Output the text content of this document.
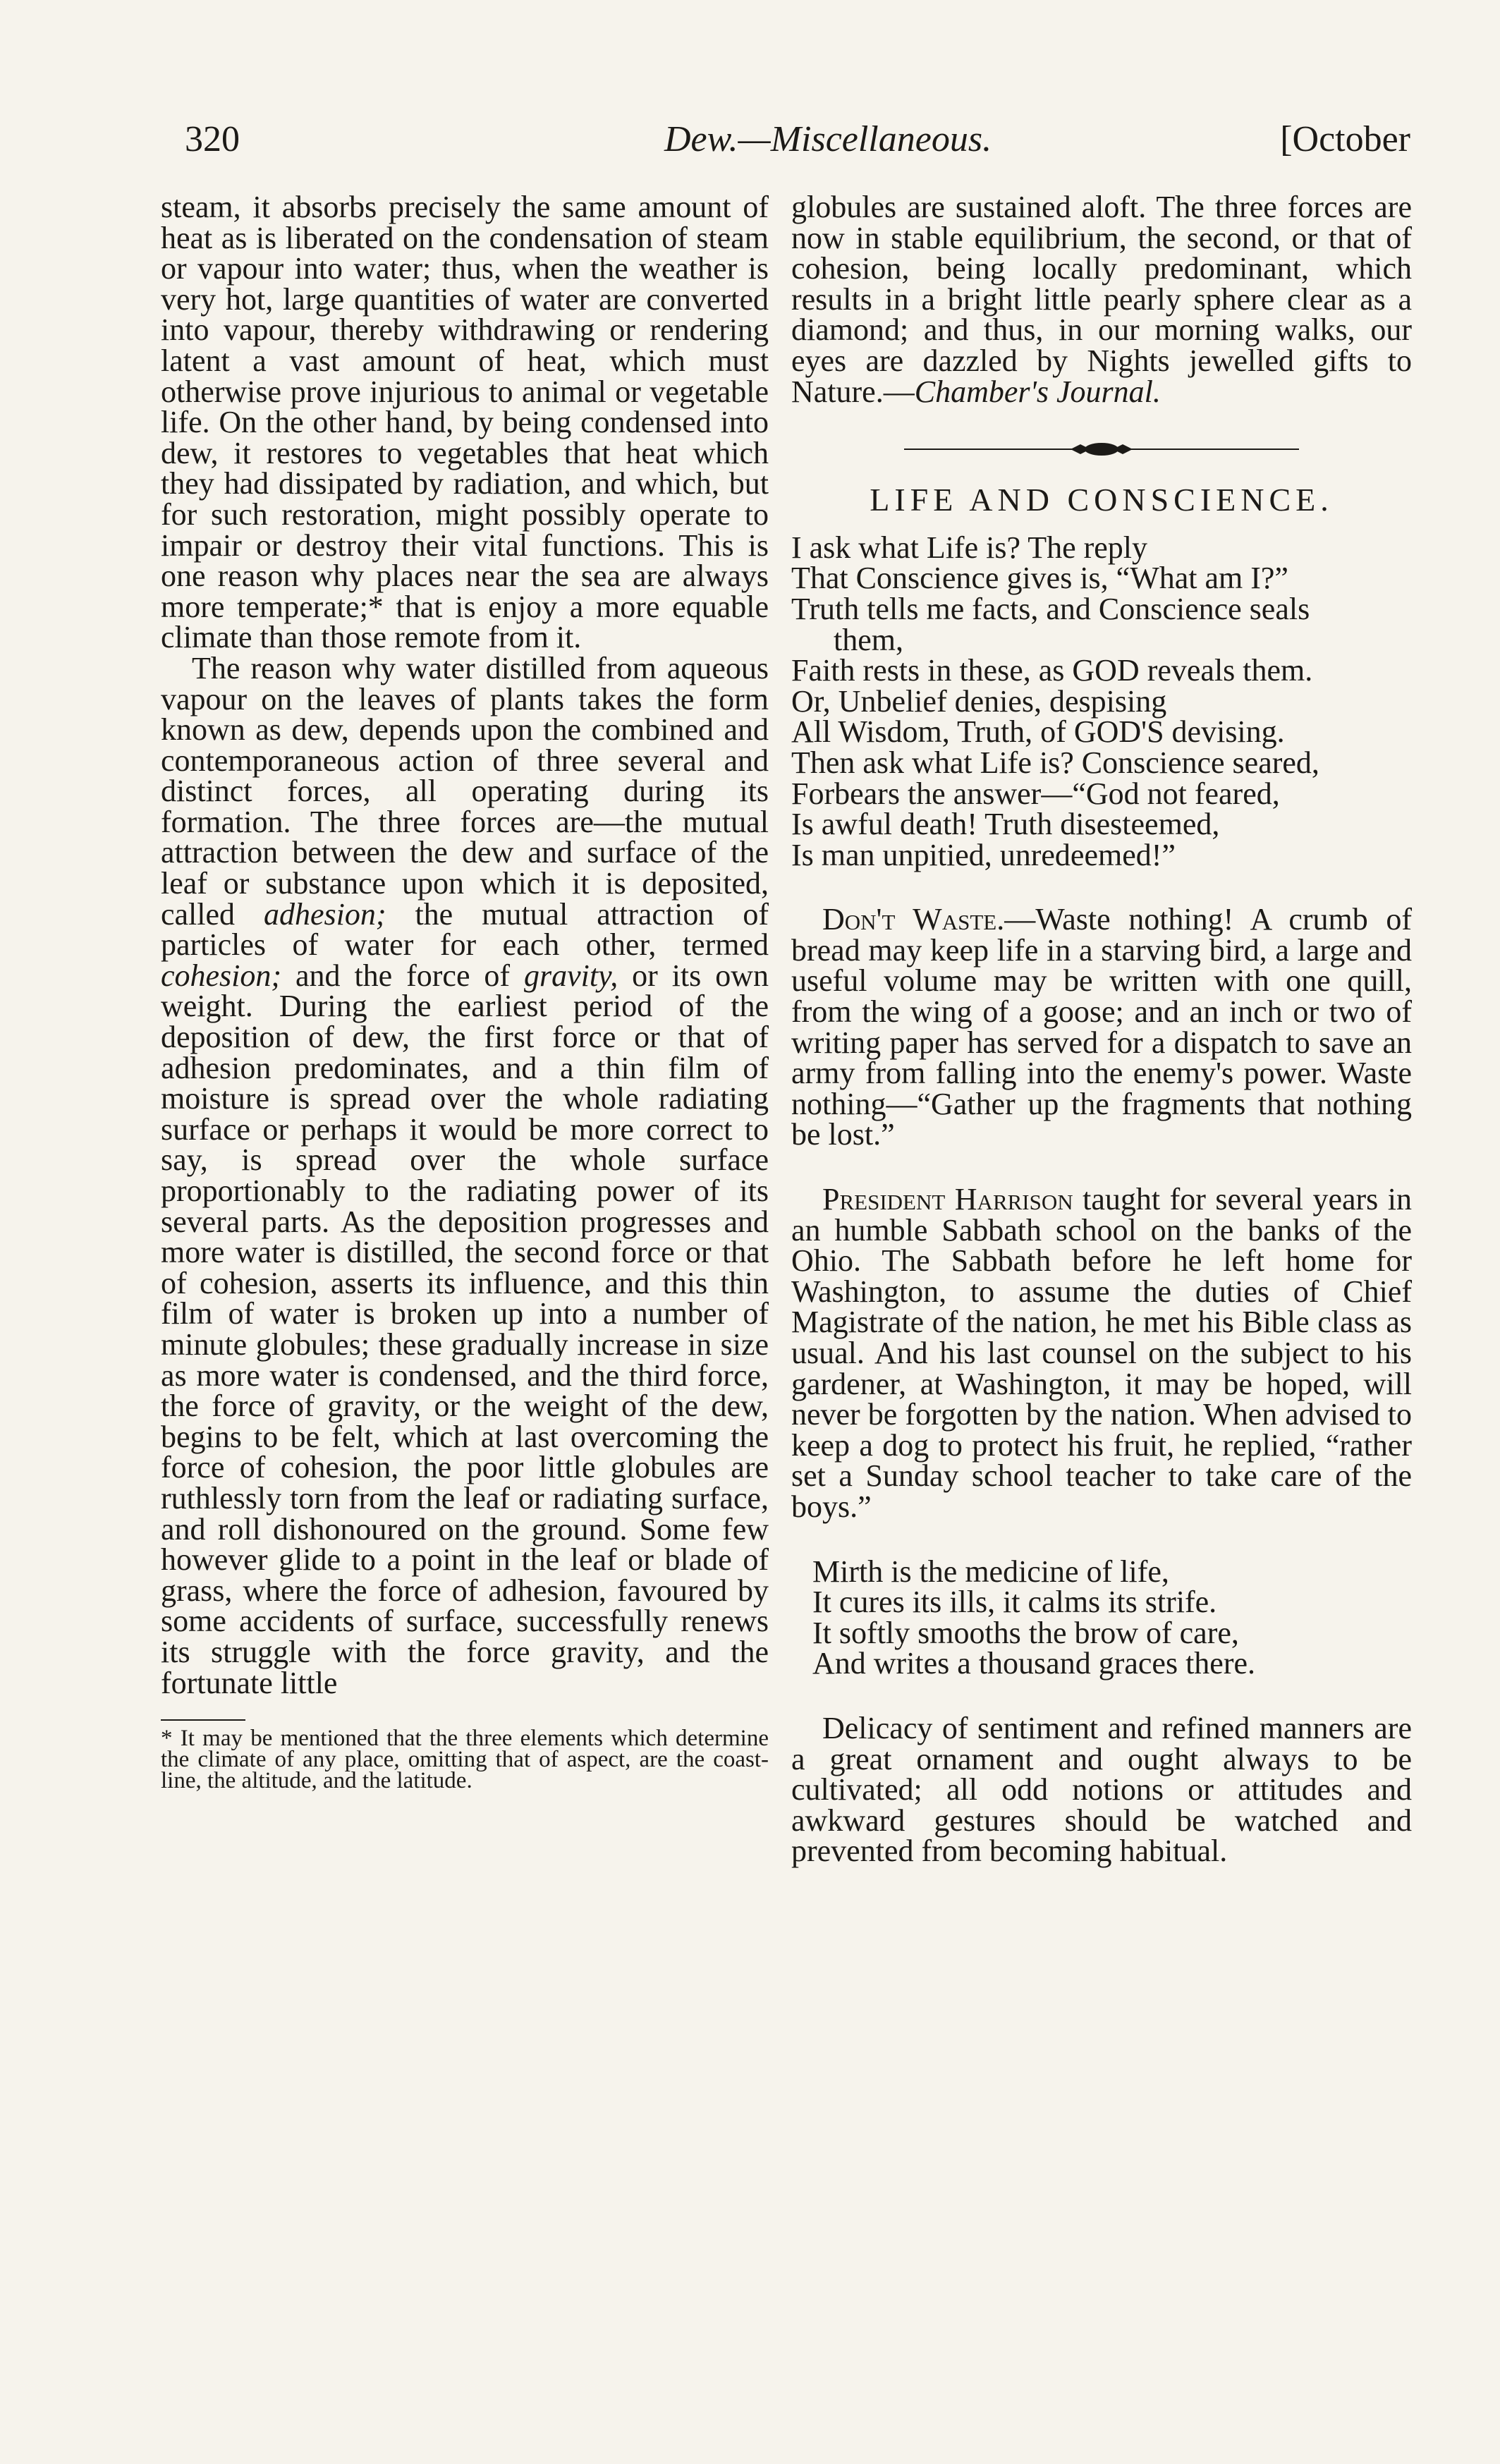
320	Dew.—Miscellaneous.	[October

steam, it absorbs precisely the same amount of heat as is liberated on the condensation of steam or vapour into water; thus, when the weather is very hot, large quantities of water are converted into vapour, thereby withdrawing or rendering latent a vast amount of heat, which must otherwise prove injurious to animal or vegetable life. On the other hand, by being condensed into dew, it restores to vegetables that heat which they had dissipated by radiation, and which, but for such restoration, might possibly operate to impair or destroy their vital functions. This is one reason why places near the sea are always more temperate;* that is enjoy a more equable climate than those remote from it.

The reason why water distilled from aqueous vapour on the leaves of plants takes the form known as dew, depends upon the combined and contemporaneous action of three several and distinct forces, all operating during its formation. The three forces are—the mutual attraction between the dew and surface of the leaf or substance upon which it is deposited, called adhesion; the mutual attraction of particles of water for each other, termed cohesion; and the force of gravity, or its own weight. During the earliest period of the deposition of dew, the first force or that of adhesion predominates, and a thin film of moisture is spread over the whole radiating surface or perhaps it would be more correct to say, is spread over the whole surface proportionably to the radiating power of its several parts. As the deposition progresses and more water is distilled, the second force or that of cohesion, asserts its influence, and this thin film of water is broken up into a number of minute globules; these gradually increase in size as more water is condensed, and the third force, the force of gravity, or the weight of the dew, begins to be felt, which at last overcoming the force of cohesion, the poor little globules are ruthlessly torn from the leaf or radiating surface, and roll dishonoured on the ground. Some few however glide to a point in the leaf or blade of grass, where the force of adhesion, favoured by some accidents of surface, successfully renews its struggle with the force gravity, and the fortunate little

* It may be mentioned that the three elements which determine the climate of any place, omitting that of aspect, are the coast-line, the altitude, and the latitude.

globules are sustained aloft. The three forces are now in stable equilibrium, the second, or that of cohesion, being locally predominant, which results in a bright little pearly sphere clear as a diamond; and thus, in our morning walks, our eyes are dazzled by Nights jewelled gifts to Nature.—Chamber's Journal.

LIFE AND CONSCIENCE.
I ask what Life is? The reply
That Conscience gives is, “What am I?”
Truth tells me facts, and Conscience seals
them,
Faith rests in these, as GOD reveals them.
Or, Unbelief denies, despising
All Wisdom, Truth, of GOD'S devising.
Then ask what Life is? Conscience seared,
Forbears the answer—“God not feared,
Is awful death! Truth disesteemed,
Is man unpitied, unredeemed!”

Don't Waste.—Waste nothing! A crumb of bread may keep life in a starving bird, a large and useful volume may be written with one quill, from the wing of a goose; and an inch or two of writing paper has served for a dispatch to save an army from falling into the enemy's power. Waste nothing—“Gather up the fragments that nothing be lost.”

President Harrison taught for several years in an humble Sabbath school on the banks of the Ohio. The Sabbath before he left home for Washington, to assume the duties of Chief Magistrate of the nation, he met his Bible class as usual. And his last counsel on the subject to his gardener, at Washington, it may be hoped, will never be forgotten by the nation. When advised to keep a dog to protect his fruit, he replied, “rather set a Sunday school teacher to take care of the boys.”

Mirth is the medicine of life,
It cures its ills, it calms its strife.
It softly smooths the brow of care,
And writes a thousand graces there.

Delicacy of sentiment and refined manners are a great ornament and ought always to be cultivated; all odd notions or attitudes and awkward gestures should be watched and prevented from becoming habitual.
